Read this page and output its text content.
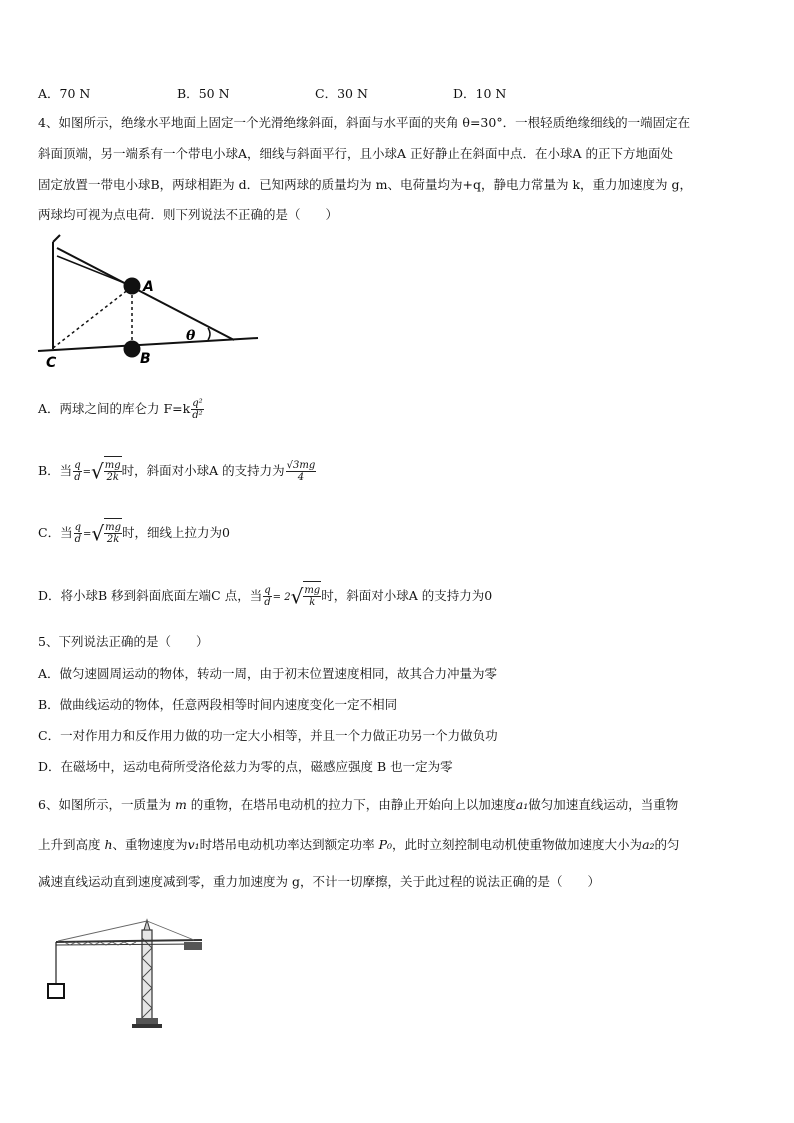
A．70 N	B．50 N	C．30 N	D．10 N
4、如图所示，绝缘水平地面上固定一个光滑绝缘斜面，斜面与水平面的夹角 θ=30°．一根轻质绝缘细线的一端固定在
斜面顶端，另一端系有一个带电小球A，细线与斜面平行，且小球A 正好静止在斜面中点．在小球A 的正下方地面处
固定放置一带电小球B，两球相距为 d．已知两球的质量均为 m、电荷量均为+q，静电力常量为 k，重力加速度为 g，
两球均可视为点电荷．则下列说法不正确的是（　　）
A
B
C
θ
A．两球之间的库仑力 $F=k \frac{\text{q²}}{\text{d²}}$
B．当 $\frac{q}{d}$ =√ $\frac{mg}{2k}$ 时，斜面对小球A 的支持力为 $\frac{√3mg}{4}$
C．当 $\frac{q}{d}$ =√ $\frac{mg}{2k}$ 时，细线上拉力为0
D．将小球B 移到斜面底面左端C 点，当 $\frac{q}{d} = 2√ \frac{mg}{k}$ 时，斜面对小球A 的支持力为0
5、下列说法正确的是（　　）
A．做匀速圆周运动的物体，转动一周，由于初末位置速度相同，故其合力冲量为零
B．做曲线运动的物体，任意两段相等时间内速度变化一定不相同
C．一对作用力和反作用力做的功一定大小相等，并且一个力做正功另一个力做负功
D．在磁场中，运动电荷所受洛伦兹力为零的点，磁感应强度 B 也一定为零
6、如图所示，一质量为 m 的重物，在塔吊电动机的拉力下，由静止开始向上以加速度a₁做匀加速直线运动，当重物
上升到高度 h、重物速度为v₁时塔吊电动机功率达到额定功率 P₀，此时立刻控制电动机使重物做加速度大小为a₂的匀
减速直线运动直到速度减到零，重力加速度为 g，不计一切摩擦，关于此过程的说法正确的是（　　）
